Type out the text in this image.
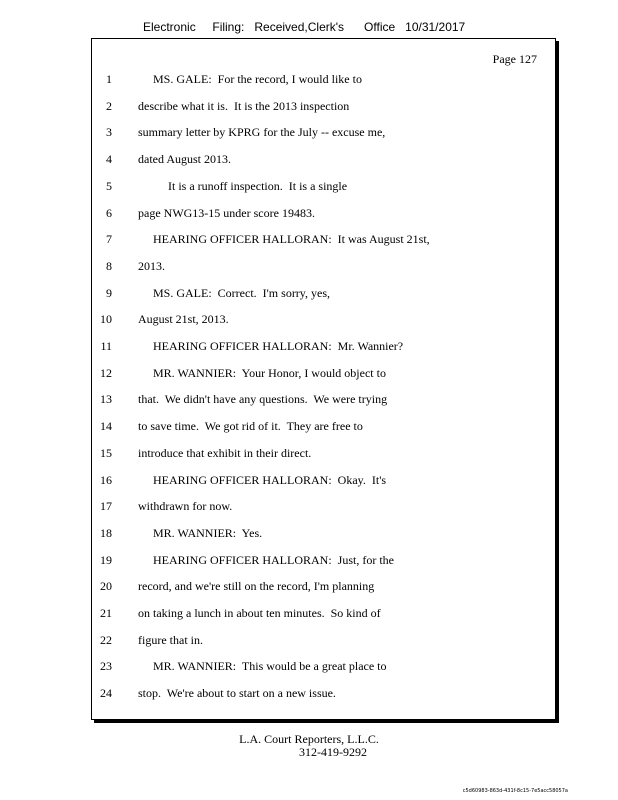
Electronic     Filing:   Received,Clerk's      Office   10/31/2017
Page 127
1 MS. GALE:  For the record, I would like to
2 describe what it is.  It is the 2013 inspection
3 summary letter by KPRG for the July -- excuse me,
4 dated August 2013.
5 It is a runoff inspection.  It is a single
6 page NWG13-15 under score 19483.
7 HEARING OFFICER HALLORAN:  It was August 21st,
8 2013.
9 MS. GALE:  Correct.  I'm sorry, yes,
10 August 21st, 2013.
11 HEARING OFFICER HALLORAN:  Mr. Wannier?
12 MR. WANNIER:  Your Honor, I would object to
13 that.  We didn't have any questions.  We were trying
14 to save time.  We got rid of it.  They are free to
15 introduce that exhibit in their direct.
16 HEARING OFFICER HALLORAN:  Okay.  It's
17 withdrawn for now.
18 MR. WANNIER:  Yes.
19 HEARING OFFICER HALLORAN:  Just, for the
20 record, and we're still on the record, I'm planning
21 on taking a lunch in about ten minutes.  So kind of
22 figure that in.
23 MR. WANNIER:  This would be a great place to
24 stop.  We're about to start on a new issue.
L.A. Court Reporters, L.L.C.

312-419-9292
c5d60983-863d-431f-8c15-7e5acc58057a
